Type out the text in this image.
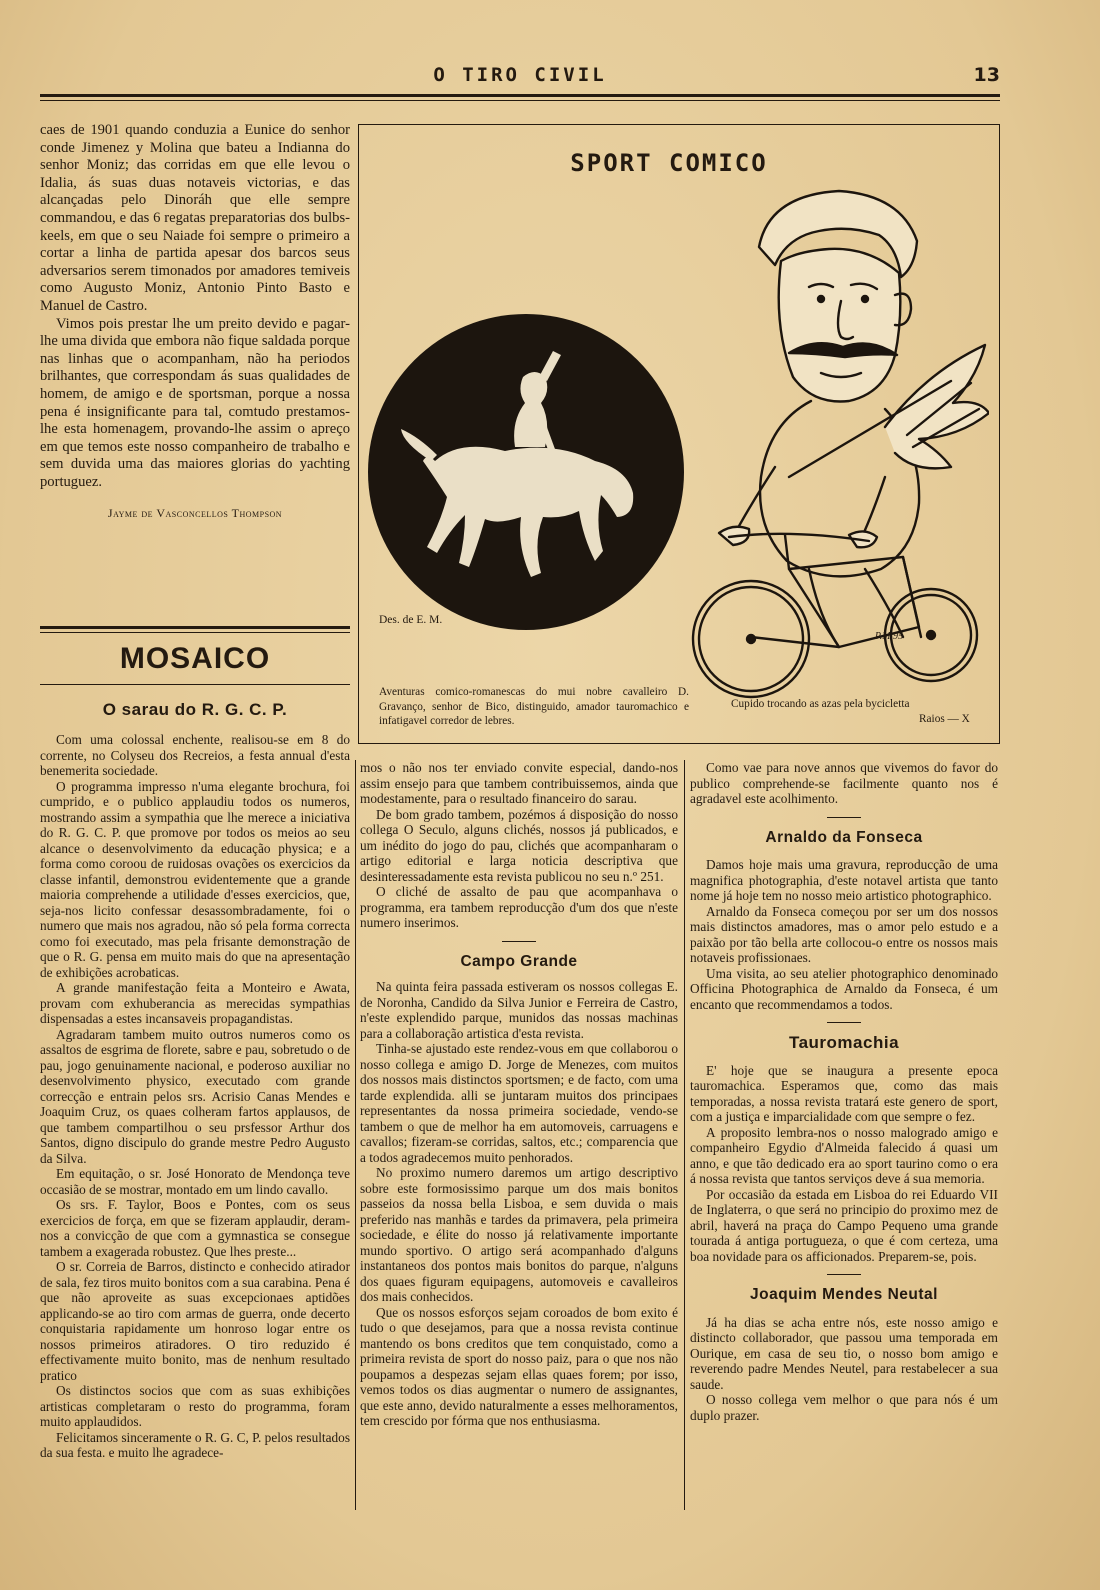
O TIRO CIVIL	13

caes de 1901 quando conduzia a Eunice do senhor conde Jimenez y Molina que bateu a Indianna do senhor Moniz; das corridas em que elle levou o Idalia, ás suas duas notaveis victorias, e das alcançadas pelo Dinoráh que elle sempre commandou, e das 6 regatas preparatorias dos bulbs-keels, em que o seu Naiade foi sempre o primeiro a cortar a linha de partida apesar dos barcos seus adversarios serem timonados por amadores temiveis como Augusto Moniz, Antonio Pinto Basto e Manuel de Castro.

Vimos pois prestar lhe um preito devido e pagar-lhe uma divida que embora não fique saldada porque nas linhas que o acompanham, não ha periodos brilhantes, que correspondam ás suas qualidades de homem, de amigo e de sportsman, porque a nossa pena é insignificante para tal, comtudo prestamos-lhe esta homenagem, provando-lhe assim o apreço em que temos este nosso companheiro de trabalho e sem duvida uma das maiores glorias do yachting portuguez.

Jayme de Vasconcellos Thompson
MOSAICO
O sarau do R. G. C. P.

Com uma colossal enchente, realisou-se em 8 do corrente, no Colyseu dos Recreios, a festa annual d'esta benemerita sociedade.

O programma impresso n'uma elegante brochura, foi cumprido, e o publico applaudiu todos os numeros, mostrando assim a sympathia que lhe merece a iniciativa do R. G. C. P. que promove por todos os meios ao seu alcance o desenvolvimento da educação physica; e a forma como coroou de ruidosas ovações os exercicios da classe infantil, demonstrou evidentemente que a grande maioria comprehende a utilidade d'esses exercicios, que, seja-nos licito confessar desassombradamente, foi o numero que mais nos agradou, não só pela forma correcta como foi executado, mas pela frisante demonstração de que o R. G. pensa em muito mais do que na apresentação de exhibições acrobaticas.

A grande manifestação feita a Monteiro e Awata, provam com exhuberancia as merecidas sympathias dispensadas a estes incansaveis propagandistas.

Agradaram tambem muito outros numeros como os assaltos de esgrima de florete, sabre e pau, sobretudo o de pau, jogo genuinamente nacional, e poderoso auxiliar no desenvolvimento physico, executado com grande correcção e entrain pelos srs. Acrisio Canas Mendes e Joaquim Cruz, os quaes colheram fartos applausos, de que tambem compartilhou o seu prsfessor Arthur dos Santos, digno discipulo do grande mestre Pedro Augusto da Silva.

Em equitação, o sr. José Honorato de Mendonça teve occasião de se mostrar, montado em um lindo cavallo.

Os srs. F. Taylor, Boos e Pontes, com os seus exercicios de força, em que se fizeram applaudir, deram-nos a convicção de que com a gymnastica se consegue tambem a exagerada robustez. Que lhes preste...

O sr. Correia de Barros, distincto e conhecido atirador de sala, fez tiros muito bonitos com a sua carabina. Pena é que não aproveite as suas excepcionaes aptidões applicando-se ao tiro com armas de guerra, onde decerto conquistaria rapidamente um honroso logar entre os nossos primeiros atiradores. O tiro reduzido é effectivamente muito bonito, mas de nenhum resultado pratico

Os distinctos socios que com as suas exhibições artisticas completaram o resto do programma, foram muito applaudidos.

Felicitamos sinceramente o R. G. C, P. pelos resultados da sua festa. e muito lhe agradece-

SPORT COMICO
P.M.95
Des. de E. M.
Aventuras comico-romanescas do mui nobre cavalleiro D. Gravanço, senhor de Bico, distinguido, amador tauromachico e infatigavel corredor de lebres.
Cupido trocando as azas pela bycicletta
Raios — X

mos o não nos ter enviado convite especial, dando-nos assim ensejo para que tambem contribuissemos, ainda que modestamente, para o resultado financeiro do sarau.

De bom grado tambem, pozémos á disposição do nosso collega O Seculo, alguns clichés, nossos já publicados, e um inédito do jogo do pau, clichés que acompanharam o artigo editorial e larga noticia descriptiva que desinteressadamente esta revista publicou no seu n.º 251.

O cliché de assalto de pau que acompanhava o programma, era tambem reproducção d'um dos que n'este numero inserimos.

Campo Grande

Na quinta feira passada estiveram os nossos collegas E. de Noronha, Candido da Silva Junior e Ferreira de Castro, n'este explendido parque, munidos das nossas machinas para a collaboração artistica d'esta revista.

Tinha-se ajustado este rendez-vous em que collaborou o nosso collega e amigo D. Jorge de Menezes, com muitos dos nossos mais distinctos sportsmen; e de facto, com uma tarde explendida. alli se juntaram muitos dos principaes representantes da nossa primeira sociedade, vendo-se tambem o que de melhor ha em automoveis, carruagens e cavallos; fizeram-se corridas, saltos, etc.; comparencia que a todos agradecemos muito penhorados.

No proximo numero daremos um artigo descriptivo sobre este formosissimo parque um dos mais bonitos passeios da nossa bella Lisboa, e sem duvida o mais preferido nas manhãs e tardes da primavera, pela primeira sociedade, e élite do nosso já relativamente importante mundo sportivo. O artigo será acompanhado d'alguns instantaneos dos pontos mais bonitos do parque, n'alguns dos quaes figuram equipagens, automoveis e cavalleiros dos mais conhecidos.

Que os nossos esforços sejam coroados de bom exito é tudo o que desejamos, para que a nossa revista continue mantendo os bons creditos que tem conquistado, como a primeira revista de sport do nosso paiz, para o que nos não poupamos a despezas sejam ellas quaes forem; por isso, vemos todos os dias augmentar o numero de assignantes, que este anno, devido naturalmente a esses melhoramentos, tem crescido por fórma que nos enthusiasma.

Como vae para nove annos que vivemos do favor do publico comprehende-se facilmente quanto nos é agradavel este acolhimento.

Arnaldo da Fonseca

Damos hoje mais uma gravura, reproducção de uma magnifica photographia, d'este notavel artista que tanto nome já hoje tem no nosso meio artistico photographico.

Arnaldo da Fonseca começou por ser um dos nossos mais distinctos amadores, mas o amor pelo estudo e a paixão por tão bella arte collocou-o entre os nossos mais notaveis profissionaes.

Uma visita, ao seu atelier photographico denominado Officina Photographica de Arnaldo da Fonseca, é um encanto que recommendamos a todos.

Tauromachia

E' hoje que se inaugura a presente epoca tauromachica. Esperamos que, como das mais temporadas, a nossa revista tratará este genero de sport, com a justiça e imparcialidade com que sempre o fez.

A proposito lembra-nos o nosso malogrado amigo e companheiro Egydio d'Almeida falecido á quasi um anno, e que tão dedicado era ao sport taurino como o era á nossa revista que tantos serviços deve á sua memoria.

Por occasião da estada em Lisboa do rei Eduardo VII de Inglaterra, o que será no principio do proximo mez de abril, haverá na praça do Campo Pequeno uma grande tourada á antiga portugueza, o que é com certeza, uma boa novidade para os afficionados. Preparem-se, pois.

Joaquim Mendes Neutal

Já ha dias se acha entre nós, este nosso amigo e distincto collaborador, que passou uma temporada em Ourique, em casa de seu tio, o nosso bom amigo e reverendo padre Mendes Neutel, para restabelecer a sua saude.

O nosso collega vem melhor o que para nós é um duplo prazer.
